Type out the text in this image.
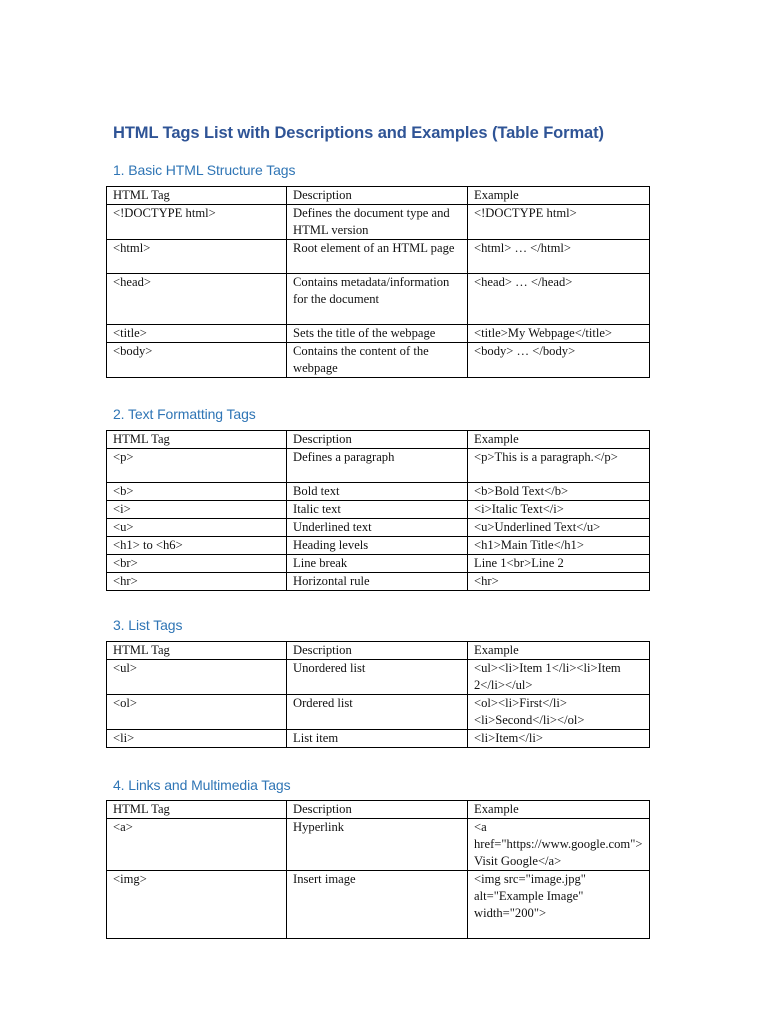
HTML Tags List with Descriptions and Examples (Table Format)
1. Basic HTML Structure Tags
HTML Tag	Description	Example
<!DOCTYPE html>	Defines the document type and HTML version	<!DOCTYPE html>
<html>	Root element of an HTML page	<html> … </html>
<head>	Contains metadata/information for the document	<head> … </head>
<title>	Sets the title of the webpage	<title>My Webpage</title>
<body>	Contains the content of the webpage	<body> … </body>
2. Text Formatting Tags
HTML Tag	Description	Example
<p>	Defines a paragraph	<p>This is a paragraph.</p>
<b>	Bold text	<b>Bold Text</b>
<i>	Italic text	<i>Italic Text</i>
<u>	Underlined text	<u>Underlined Text</u>
<h1> to <h6>	Heading levels	<h1>Main Title</h1>
<br>	Line break	Line 1<br>Line 2
<hr>	Horizontal rule	<hr>
3. List Tags
HTML Tag	Description	Example
<ul>	Unordered list	<ul><li>Item 1</li><li>Item 2</li></ul>
<ol>	Ordered list	<ol><li>First</li><li>Second</li></ol>
<li>	List item	<li>Item</li>
4. Links and Multimedia Tags
HTML Tag	Description	Example
<a>	Hyperlink	<a href="https://www.google.com">Visit Google</a>
<img>	Insert image	<img src="image.jpg" alt="Example Image" width="200">
